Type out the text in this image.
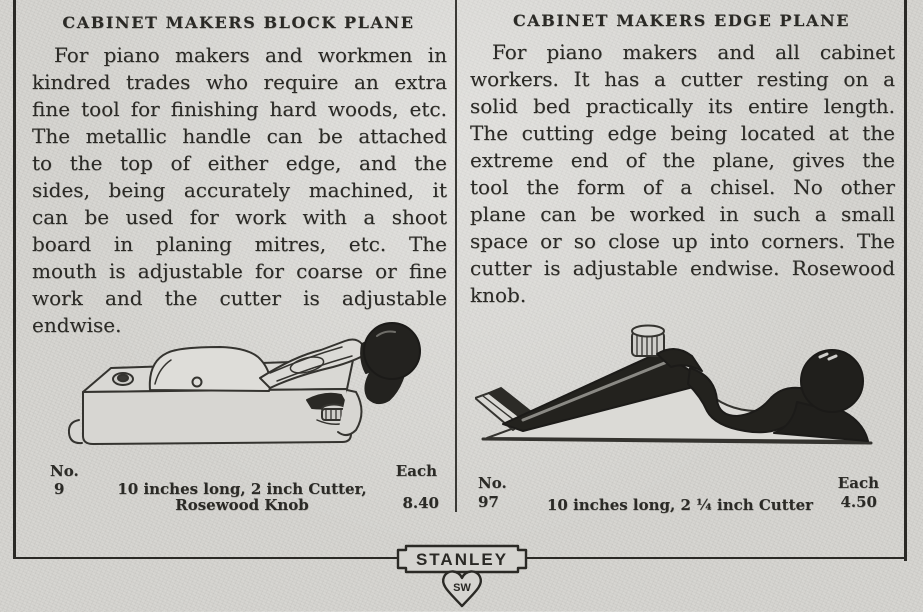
CABINET MAKERS BLOCK PLANE
For piano makers and workmen in kindred trades who require an extra fine tool for finishing hard woods, etc. The metallic handle can be attached to the top of either edge, and the sides, being accurately machined, it can be used for work with a shoot board in planing mitres, etc. The mouth is adjustable for coarse or fine work and the cutter is adjustable endwise.
No.
9	10 inches long, 2 inch Cutter,
Rosewood Knob
Each
8.40
CABINET MAKERS EDGE PLANE
For piano makers and all cabinet workers. It has a cutter resting on a solid bed practically its entire length. The cutting edge being located at the extreme end of the plane, gives the tool the form of a chisel. No other plane can be worked in such a small space or so close up into corners. The cutter is adjustable endwise. Rosewood knob.
No.
97	10 inches long, 2 ¼ inch Cutter
Each
4.50
STANLEY
SW
